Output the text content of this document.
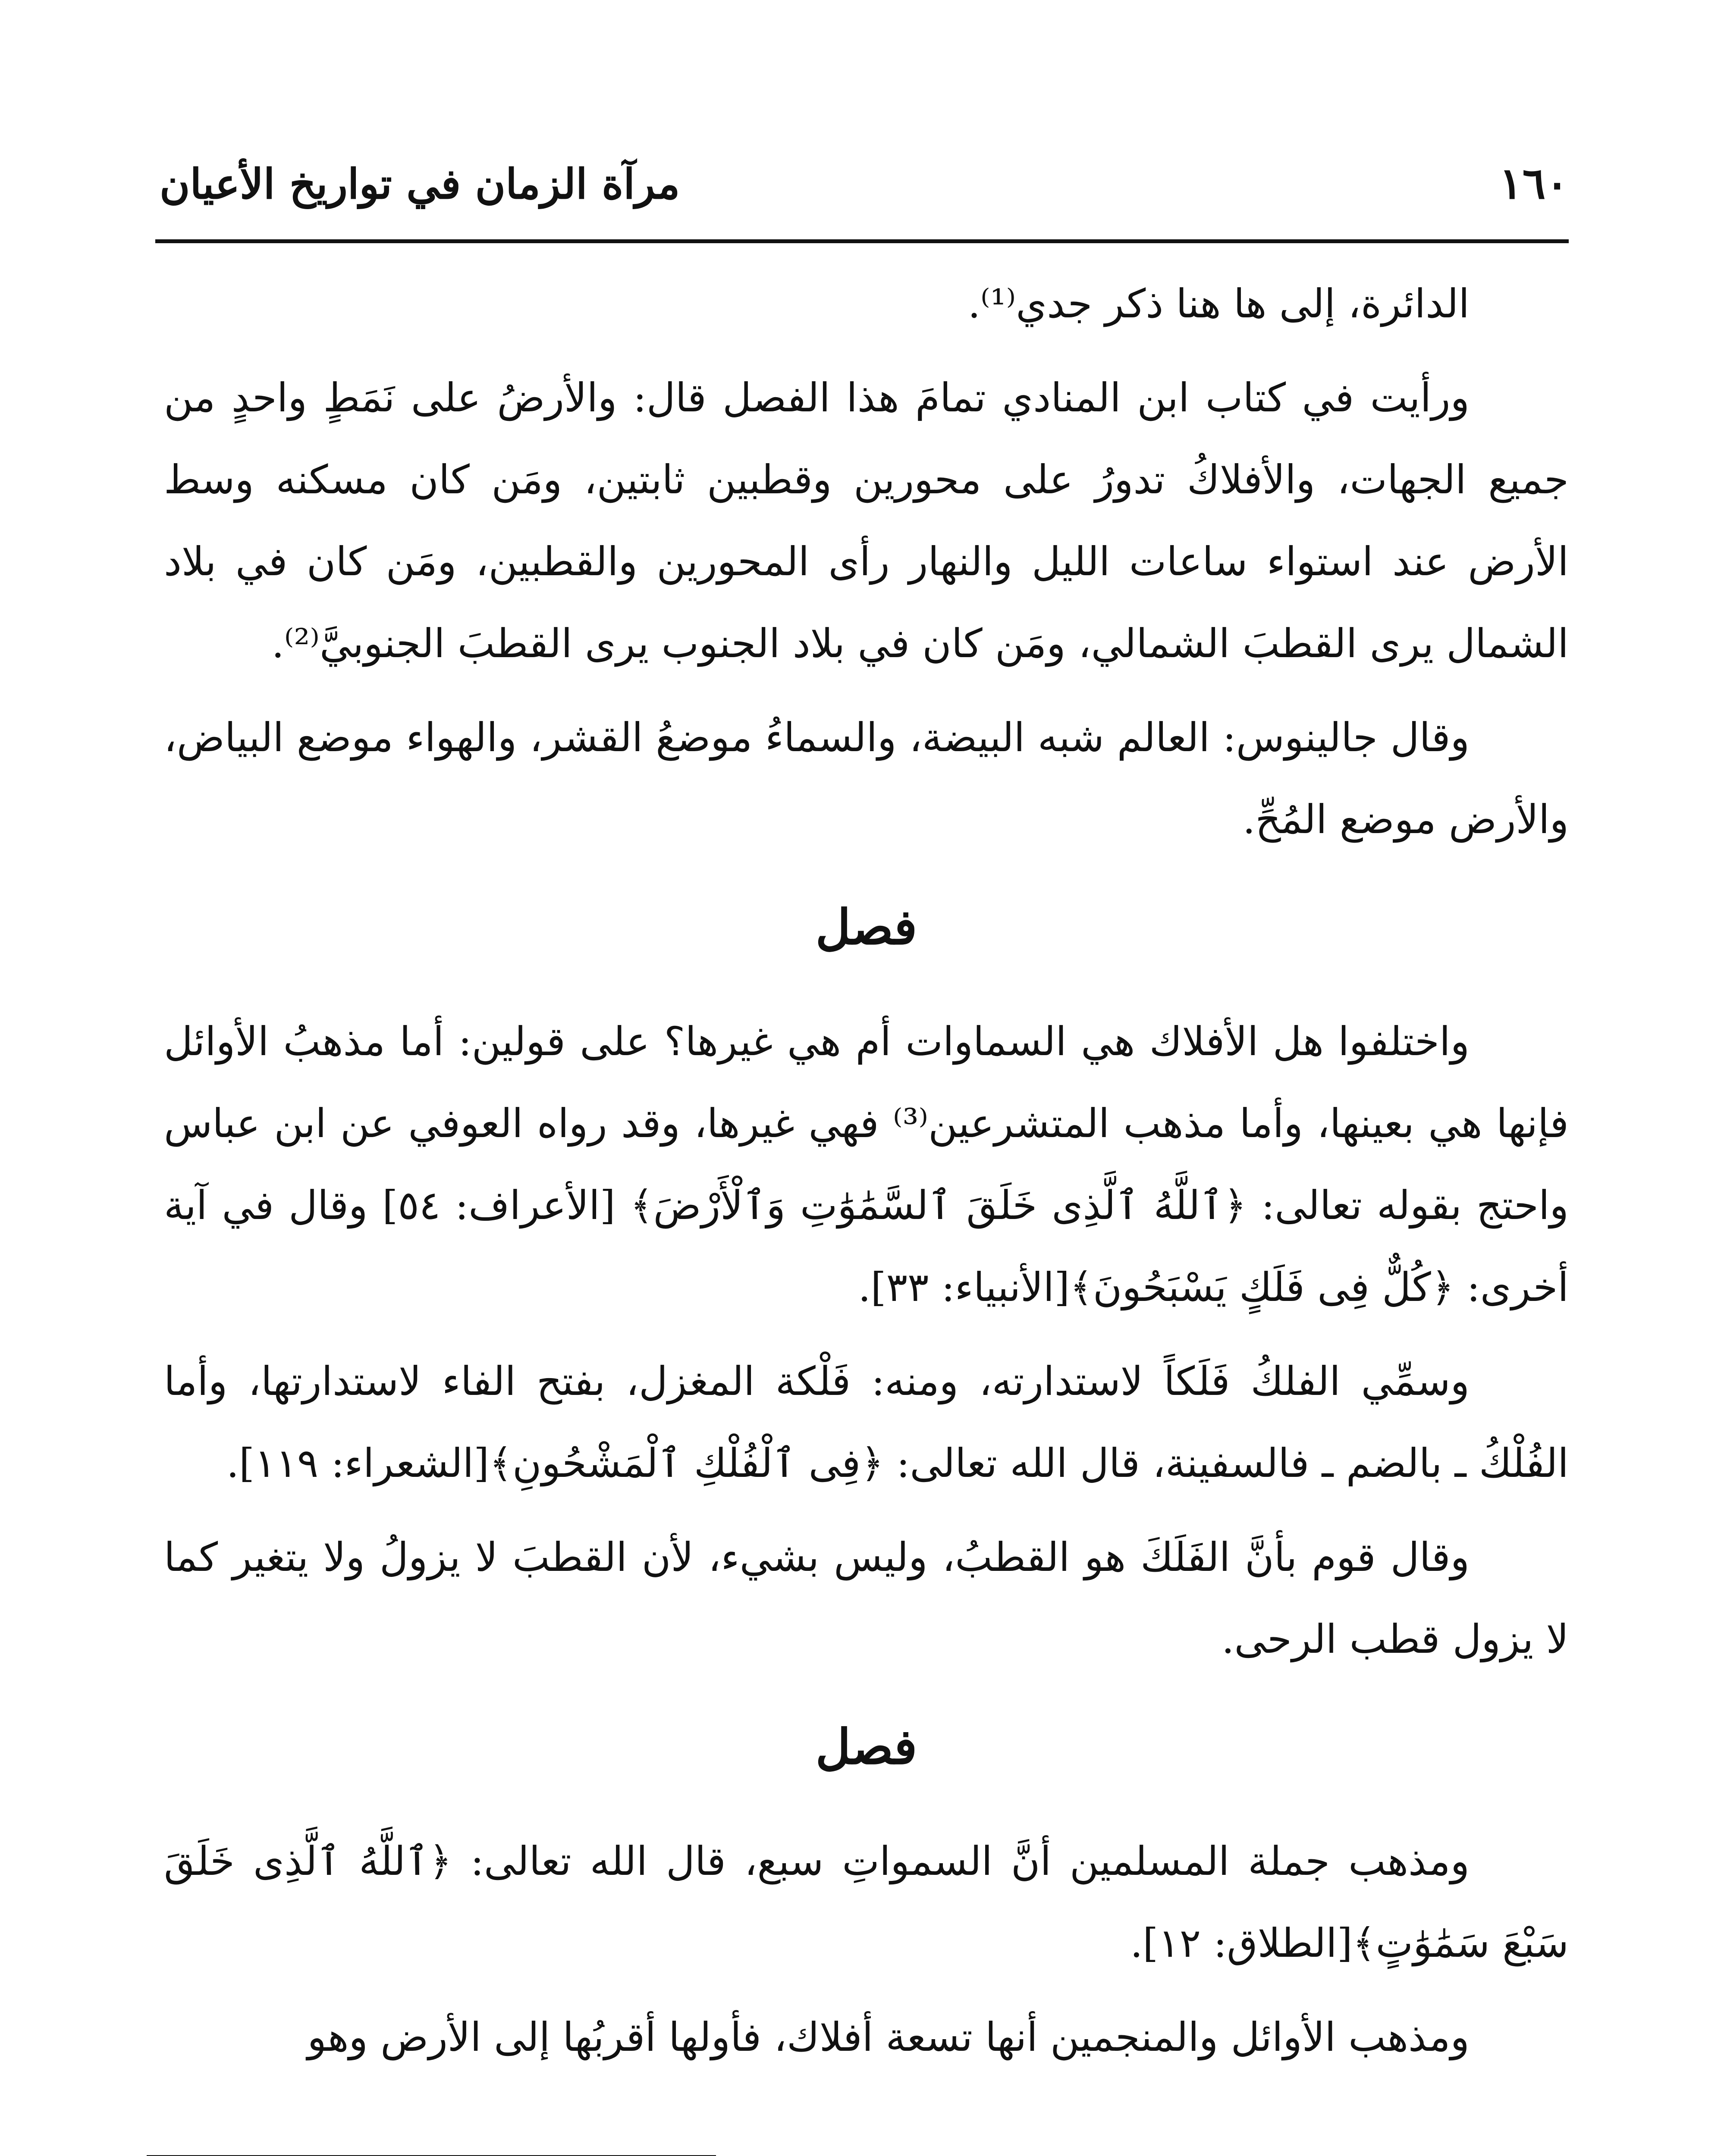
مرآة الزمان في تواريخ الأعيان	١٦٠

الدائرة، إلى ها هنا ذكر جدي⁽¹⁾.

ورأيت في كتاب ابن المنادي تمامَ هذا الفصل قال: والأرضُ على نَمَطٍ واحدٍ من جميع الجهات، والأفلاكُ تدورُ على محورين وقطبين ثابتين، ومَن كان مسكنه وسط الأرض عند استواء ساعات الليل والنهار رأى المحورين والقطبين، ومَن كان في بلاد الشمال يرى القطبَ الشمالي، ومَن كان في بلاد الجنوب يرى القطبَ الجنوبيَّ⁽²⁾.

وقال جالينوس: العالم شبه البيضة، والسماءُ موضعُ القشر، والهواء موضع البياض، والأرض موضع المُحِّ.

فصل

واختلفوا هل الأفلاك هي السماوات أم هي غيرها؟ على قولين: أما مذهبُ الأوائل فإنها هي بعينها، وأما مذهب المتشرعين⁽³⁾ فهي غيرها، وقد رواه العوفي عن ابن عباس واحتج بقوله تعالى: ﴿ٱللَّهُ ٱلَّذِى خَلَقَ ٱلسَّمَٰوَٰتِ وَٱلْأَرْضَ﴾ [الأعراف: ٥٤] وقال في آية أخرى: ﴿كُلٌّ فِى فَلَكٍ يَسْبَحُونَ﴾[الأنبياء: ٣٣].

وسمِّي الفلكُ فَلَكاً لاستدارته، ومنه: فَلْكة المغزل، بفتح الفاء لاستدارتها، وأما الفُلْكُ ـ بالضم ـ فالسفينة، قال الله تعالى: ﴿فِى ٱلْفُلْكِ ٱلْمَشْحُونِ﴾[الشعراء: ١١٩].

وقال قوم بأنَّ الفَلَكَ هو القطبُ، وليس بشيء، لأن القطبَ لا يزولُ ولا يتغير كما لا يزول قطب الرحى.

فصل

ومذهب جملة المسلمين أنَّ السمواتِ سبع، قال الله تعالى: ﴿ٱللَّهُ ٱلَّذِى خَلَقَ سَبْعَ سَمَٰوَٰتٍ﴾[الطلاق: ١٢].

ومذهب الأوائل والمنجمين أنها تسعة أفلاك، فأولها أقربُها إلى الأرض وهو
